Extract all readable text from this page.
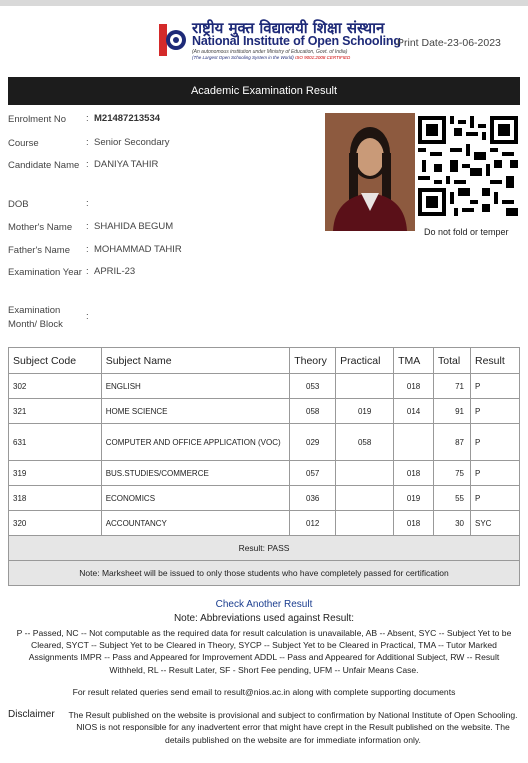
राष्ट्रीय मुक्त विद्यालयी शिक्षा संस्थान
National Institute of Open Schooling
(An autonomous institution under Ministry of Education, Govt. of India)
(The Largest Open Schooling System in the World) ISO 9001:2008 CERTIFIED
Print Date-23-06-2023
Academic Examination Result
Enrolment No	: M21487213534
Course	: Senior Secondary
Candidate Name : DANIYA TAHIR
DOB	:
Mother's Name	: SHAHIDA BEGUM
Father's Name	: MOHAMMAD TAHIR
Examination Year : APRIL-23
Examination Month/ Block
:
Do not fold or temper
Subject Code	Subject Name	Theory	Practical	TMA	Total	Result
302	ENGLISH	053		018	71	P
321	HOME SCIENCE	058	019	014	91	P
631	COMPUTER AND OFFICE APPLICATION (VOC)	029	058		87	P
319	BUS.STUDIES/COMMERCE	057		018	75	P
318	ECONOMICS	036		019	55	P
320	ACCOUNTANCY	012		018	30	SYC
Result: PASS						
Note: Marksheet will be issued to only those students who have completely passed for certification						
Check Another Result
Note: Abbreviations used against Result:
P -- Passed, NC -- Not computable as the required data for result calculation is unavailable, AB -- Absent, SYC -- Subject Yet to be Cleared, SYCT -- Subject Yet to be Cleared in Theory, SYCP -- Subject Yet to be Cleared in Practical, TMA -- Tutor Marked Assignments IMPR -- Pass and Appeared for Improvement ADDL -- Pass and Appeared for Additional Subject, RW -- Result Withheld, RL -- Result Later, SF - Short Fee pending, UFM -- Unfair Means Case.
For result related queries send email to result@nios.ac.in along with complete supporting documents
Disclaimer The Result published on the website is provisional and subject to confirmation by National Institute of Open Schooling. NIOS is not responsible for any inadvertent error that might have crept in the Result published on the website. The details published on the website are for immediate information only.
